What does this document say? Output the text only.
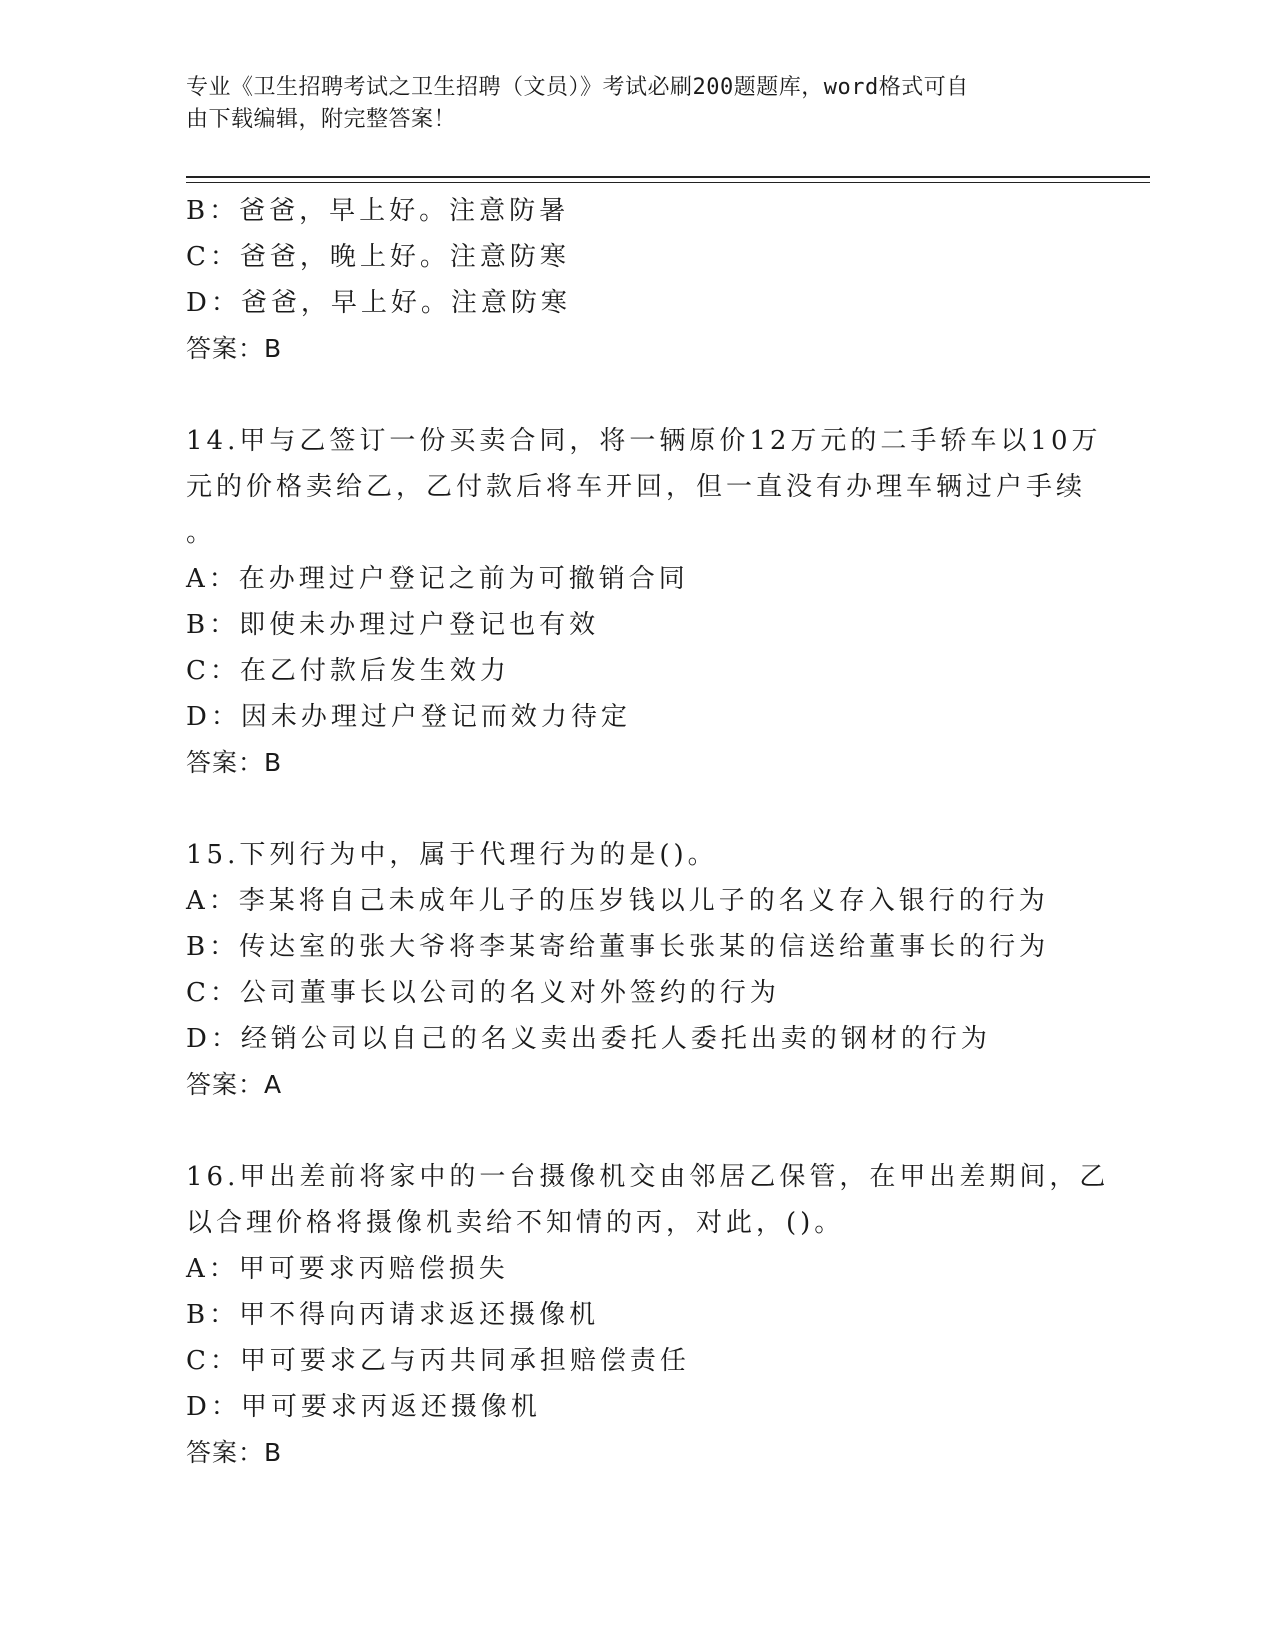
专业《卫生招聘考试之卫生招聘（文员）》考试必刷200题题库，word格式可自
由下载编辑，附完整答案！
B：爸爸，早上好。注意防暑
C：爸爸，晚上好。注意防寒
D：爸爸，早上好。注意防寒
答案：B
14.甲与乙签订一份买卖合同，将一辆原价12万元的二手轿车以10万
元的价格卖给乙，乙付款后将车开回，但一直没有办理车辆过户手续
。
A：在办理过户登记之前为可撤销合同
B：即使未办理过户登记也有效
C：在乙付款后发生效力
D：因未办理过户登记而效力待定
答案：B
15.下列行为中，属于代理行为的是()。
A：李某将自己未成年儿子的压岁钱以儿子的名义存入银行的行为
B：传达室的张大爷将李某寄给董事长张某的信送给董事长的行为
C：公司董事长以公司的名义对外签约的行为
D：经销公司以自己的名义卖出委托人委托出卖的钢材的行为
答案：A
16.甲出差前将家中的一台摄像机交由邻居乙保管，在甲出差期间，乙
以合理价格将摄像机卖给不知情的丙，对此，()。
A：甲可要求丙赔偿损失
B：甲不得向丙请求返还摄像机
C：甲可要求乙与丙共同承担赔偿责任
D：甲可要求丙返还摄像机
答案：B
